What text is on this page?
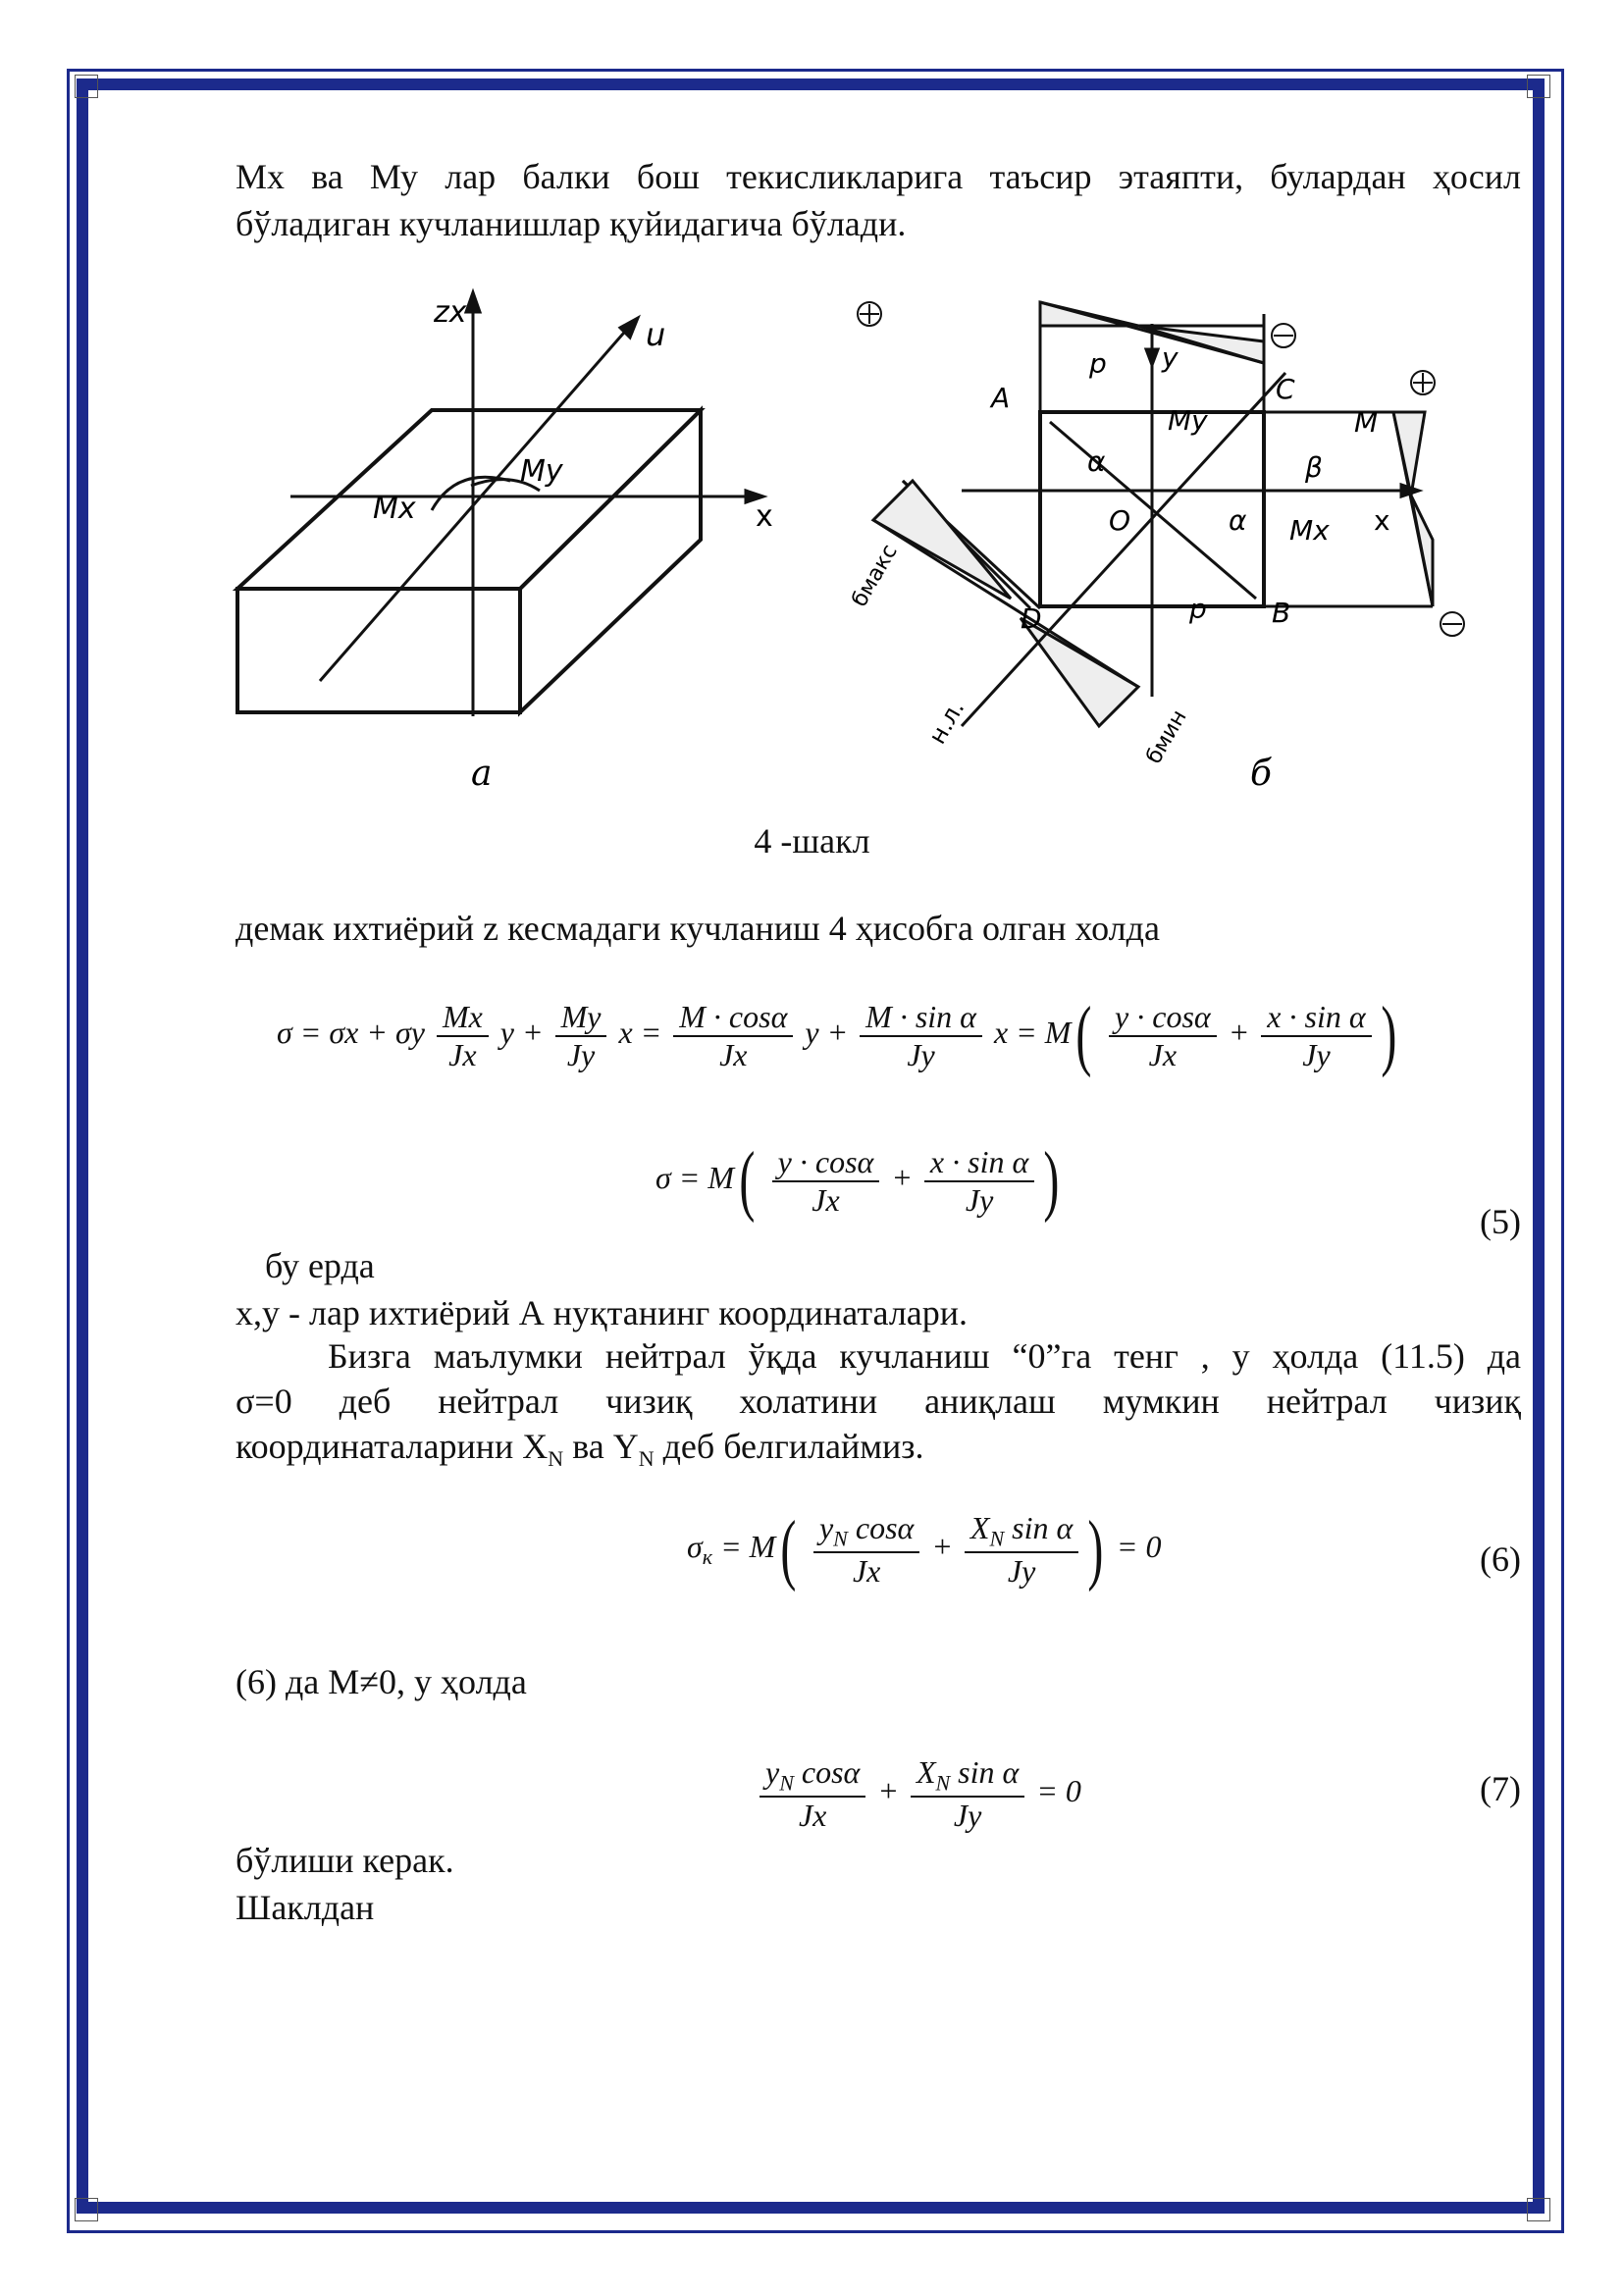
Мх ва Му лар балки бош текисликларига таъсир этаяпти, булардан ҳосил
бўладиган кучланишлар қуйидагича бўлади.
zx
u
x
Mx
My
а
A	C
M
D	B
O
y
x
p
p
Mx
My
α
α
β
н.л.
бмакс
бмин
б
4 -шакл
демак ихтиёрий z кесмадаги кучланиш 4 ҳисобга олган холда
σ = σx + σy $\frac{Mx}{Jx}$ $y + \frac{My}{Jy}$ $x = \frac{M \cdot \cos\alpha}{Jx}$ $y + \frac{\text{M · sin α}}{Jy}$ $x = M( \frac{y \cdot \cos\alpha}{Jx} + \frac{\text{x · sin α}}{Jy}$ )
$\sigma = M( \frac{y \cdot \cos\alpha}{Jx} + \frac{\text{x · sin α}}{Jy}$ )	(5)
бу ерда
x,y - лар ихтиёрий А нуқтанинг координаталари.
Бизга маълумки нейтрал ўқда кучланиш “0”га тенг , у ҳолда (11.5) да
σ=0 деб нейтрал чизиқ холатини аниқлаш мумкин нейтрал чизиқ
координаталарини $X_N$ ва $Y_N$ деб белгилаймиз.
$\sigma_к = M( \frac{y_N \cos\alpha}{Jx} + \frac{X_N \sin \alpha}{Jy}$ ) = 0	(6)
(6) да M≠0, у ҳолда
$\frac{y_N \cos\alpha}{Jx} + \frac{X_N \sin \alpha}{Jy} = 0$	(7)
бўлиши керак.
Шаклдан
